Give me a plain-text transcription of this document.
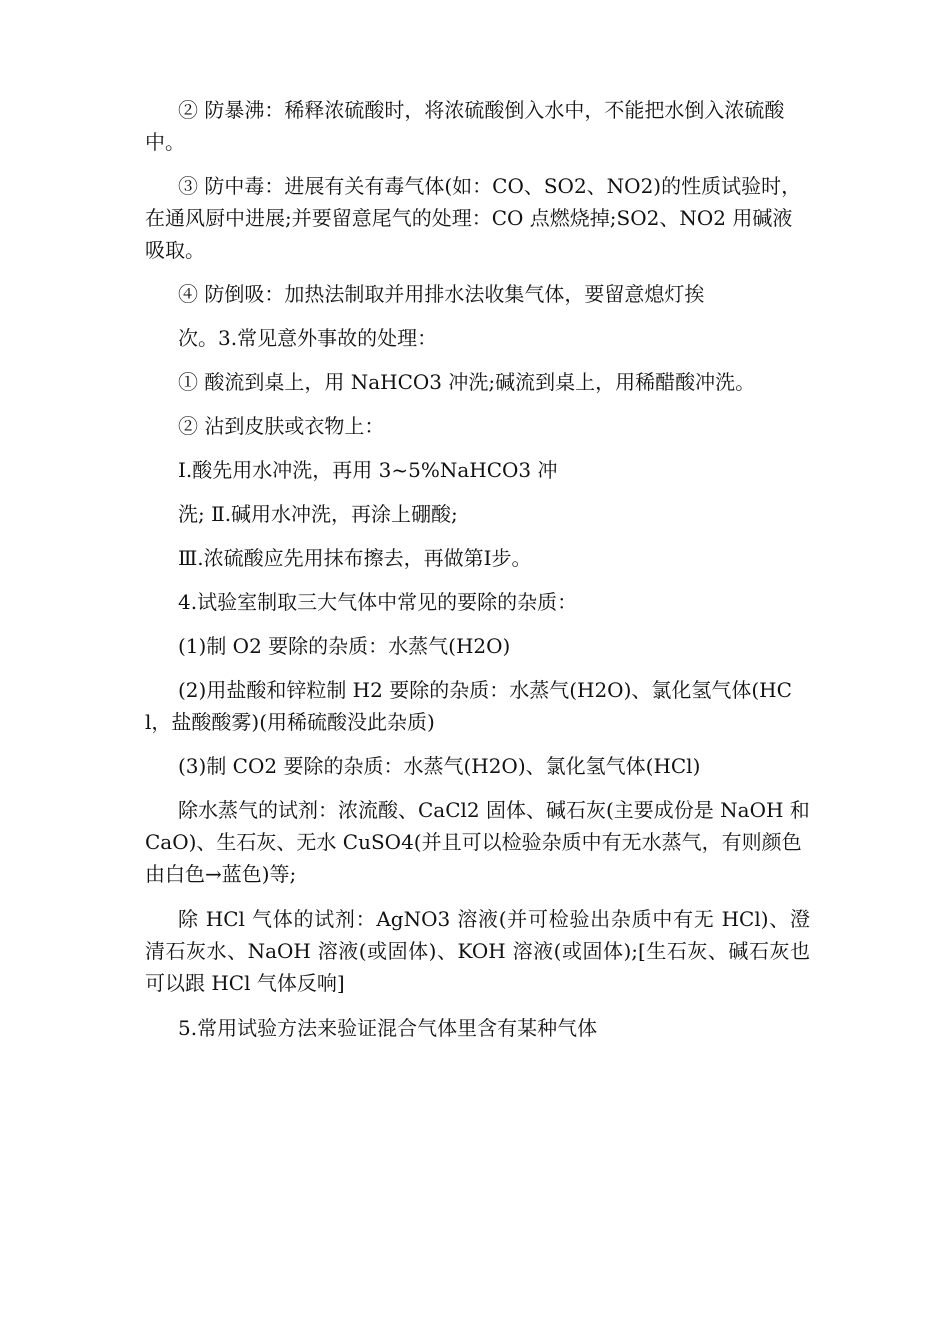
② 防暴沸：稀释浓硫酸时，将浓硫酸倒入水中，不能把水倒入浓硫酸中。

③ 防中毒：进展有关有毒气体(如：CO、SO2、NO2)的性质试验时，　在通风厨中进展;并要留意尾气的处理：CO 点燃烧掉;SO2、NO2 用碱液吸取。

④ 防倒吸：加热法制取并用排水法收集气体，要留意熄灯挨

次。3.常见意外事故的处理：

① 酸流到桌上，用 NaHCO3 冲洗;碱流到桌上，用稀醋酸冲洗。

② 沾到皮肤或衣物上：

Ⅰ.酸先用水冲洗，再用 3~5%NaHCO3 冲

洗; Ⅱ.碱用水冲洗，再涂上硼酸;

Ⅲ.浓硫酸应先用抹布擦去，再做第Ⅰ步。

4.试验室制取三大气体中常见的要除的杂质：

(1)制 O2 要除的杂质：水蒸气(H2O)

(2)用盐酸和锌粒制 H2 要除的杂质：水蒸气(H2O)、氯化氢气体(HCl，盐酸酸雾)(用稀硫酸没此杂质)

(3)制 CO2 要除的杂质：水蒸气(H2O)、氯化氢气体(HCl)

除水蒸气的试剂：浓流酸、CaCl2 固体、碱石灰(主要成份是 NaOH 和 CaO)、生石灰、无水 CuSO4(并且可以检验杂质中有无水蒸气，有则颜色由白色→蓝色)等;

除 HCl 气体的试剂：AgNO3 溶液(并可检验出杂质中有无 HCl)、澄清石灰水、NaOH 溶液(或固体)、KOH 溶液(或固体);[生石灰、碱石灰也可以跟 HCl 气体反响]

5.常用试验方法来验证混合气体里含有某种气体
